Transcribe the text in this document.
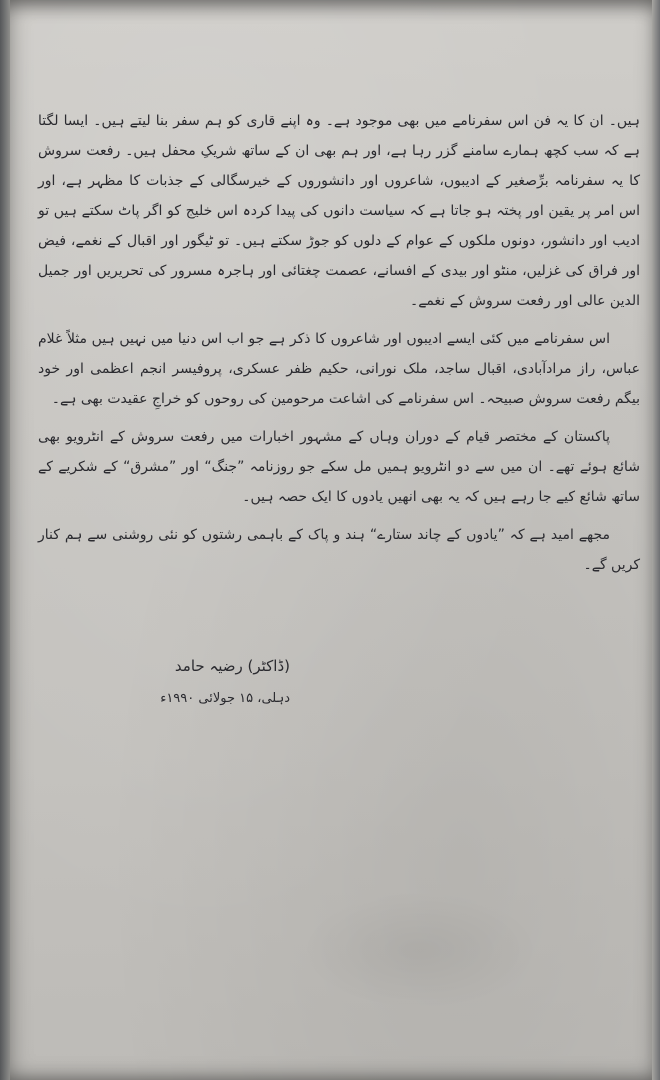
ہیں۔ ان کا یہ فن اس سفرنامے میں بھی موجود ہے۔ وہ اپنے قاری کو ہم سفر بنا لیتے ہیں۔ ایسا لگتا ہے کہ سب کچھ ہمارے سامنے گزر رہا ہے، اور ہم بھی ان کے ساتھ شریکِ محفل ہیں۔ رفعت سروش کا یہ سفرنامہ برِّصغیر کے ادیبوں، شاعروں اور دانشوروں کے خیرسگالی کے جذبات کا مظہر ہے، اور اس امر پر یقین اور پختہ ہو جاتا ہے کہ سیاست دانوں کی پیدا کردہ اس خلیج کو اگر پاٹ سکتے ہیں تو ادیب اور دانشور، دونوں ملکوں کے عوام کے دلوں کو جوڑ سکتے ہیں۔ تو ٹیگور اور اقبال کے نغمے، فیض اور فراق کی غزلیں، منٹو اور بیدی کے افسانے، عصمت چغتائی اور ہاجرہ مسرور کی تحریریں اور جمیل الدین عالی اور رفعت سروش کے نغمے۔

اس سفرنامے میں کئی ایسے ادیبوں اور شاعروں کا ذکر ہے جو اب اس دنیا میں نہیں ہیں مثلاً غلام عباس، راز مرادآبادی، اقبال ساجد، ملک نورانی، حکیم ظفر عسکری، پروفیسر انجم اعظمی اور خود بیگم رفعت سروش صبیحہ۔ اس سفرنامے کی اشاعت مرحومین کی روحوں کو خراجِ عقیدت بھی ہے۔

پاکستان کے مختصر قیام کے دوران وہاں کے مشہور اخبارات میں رفعت سروش کے انٹرویو بھی شائع ہوئے تھے۔ ان میں سے دو انٹرویو ہمیں مل سکے جو روزنامہ ”جنگ“ اور ”مشرق“ کے شکریے کے ساتھ شائع کیے جا رہے ہیں کہ یہ بھی انھیں یادوں کا ایک حصہ ہیں۔

مجھے امید ہے کہ ”یادوں کے چاند ستارے“ ہند و پاک کے باہمی رشتوں کو نئی روشنی سے ہم کنار کریں گے۔

(ڈاکٹر) رضیہ حامد
دہلی، ۱۵ جولائی ۱۹۹۰ء
